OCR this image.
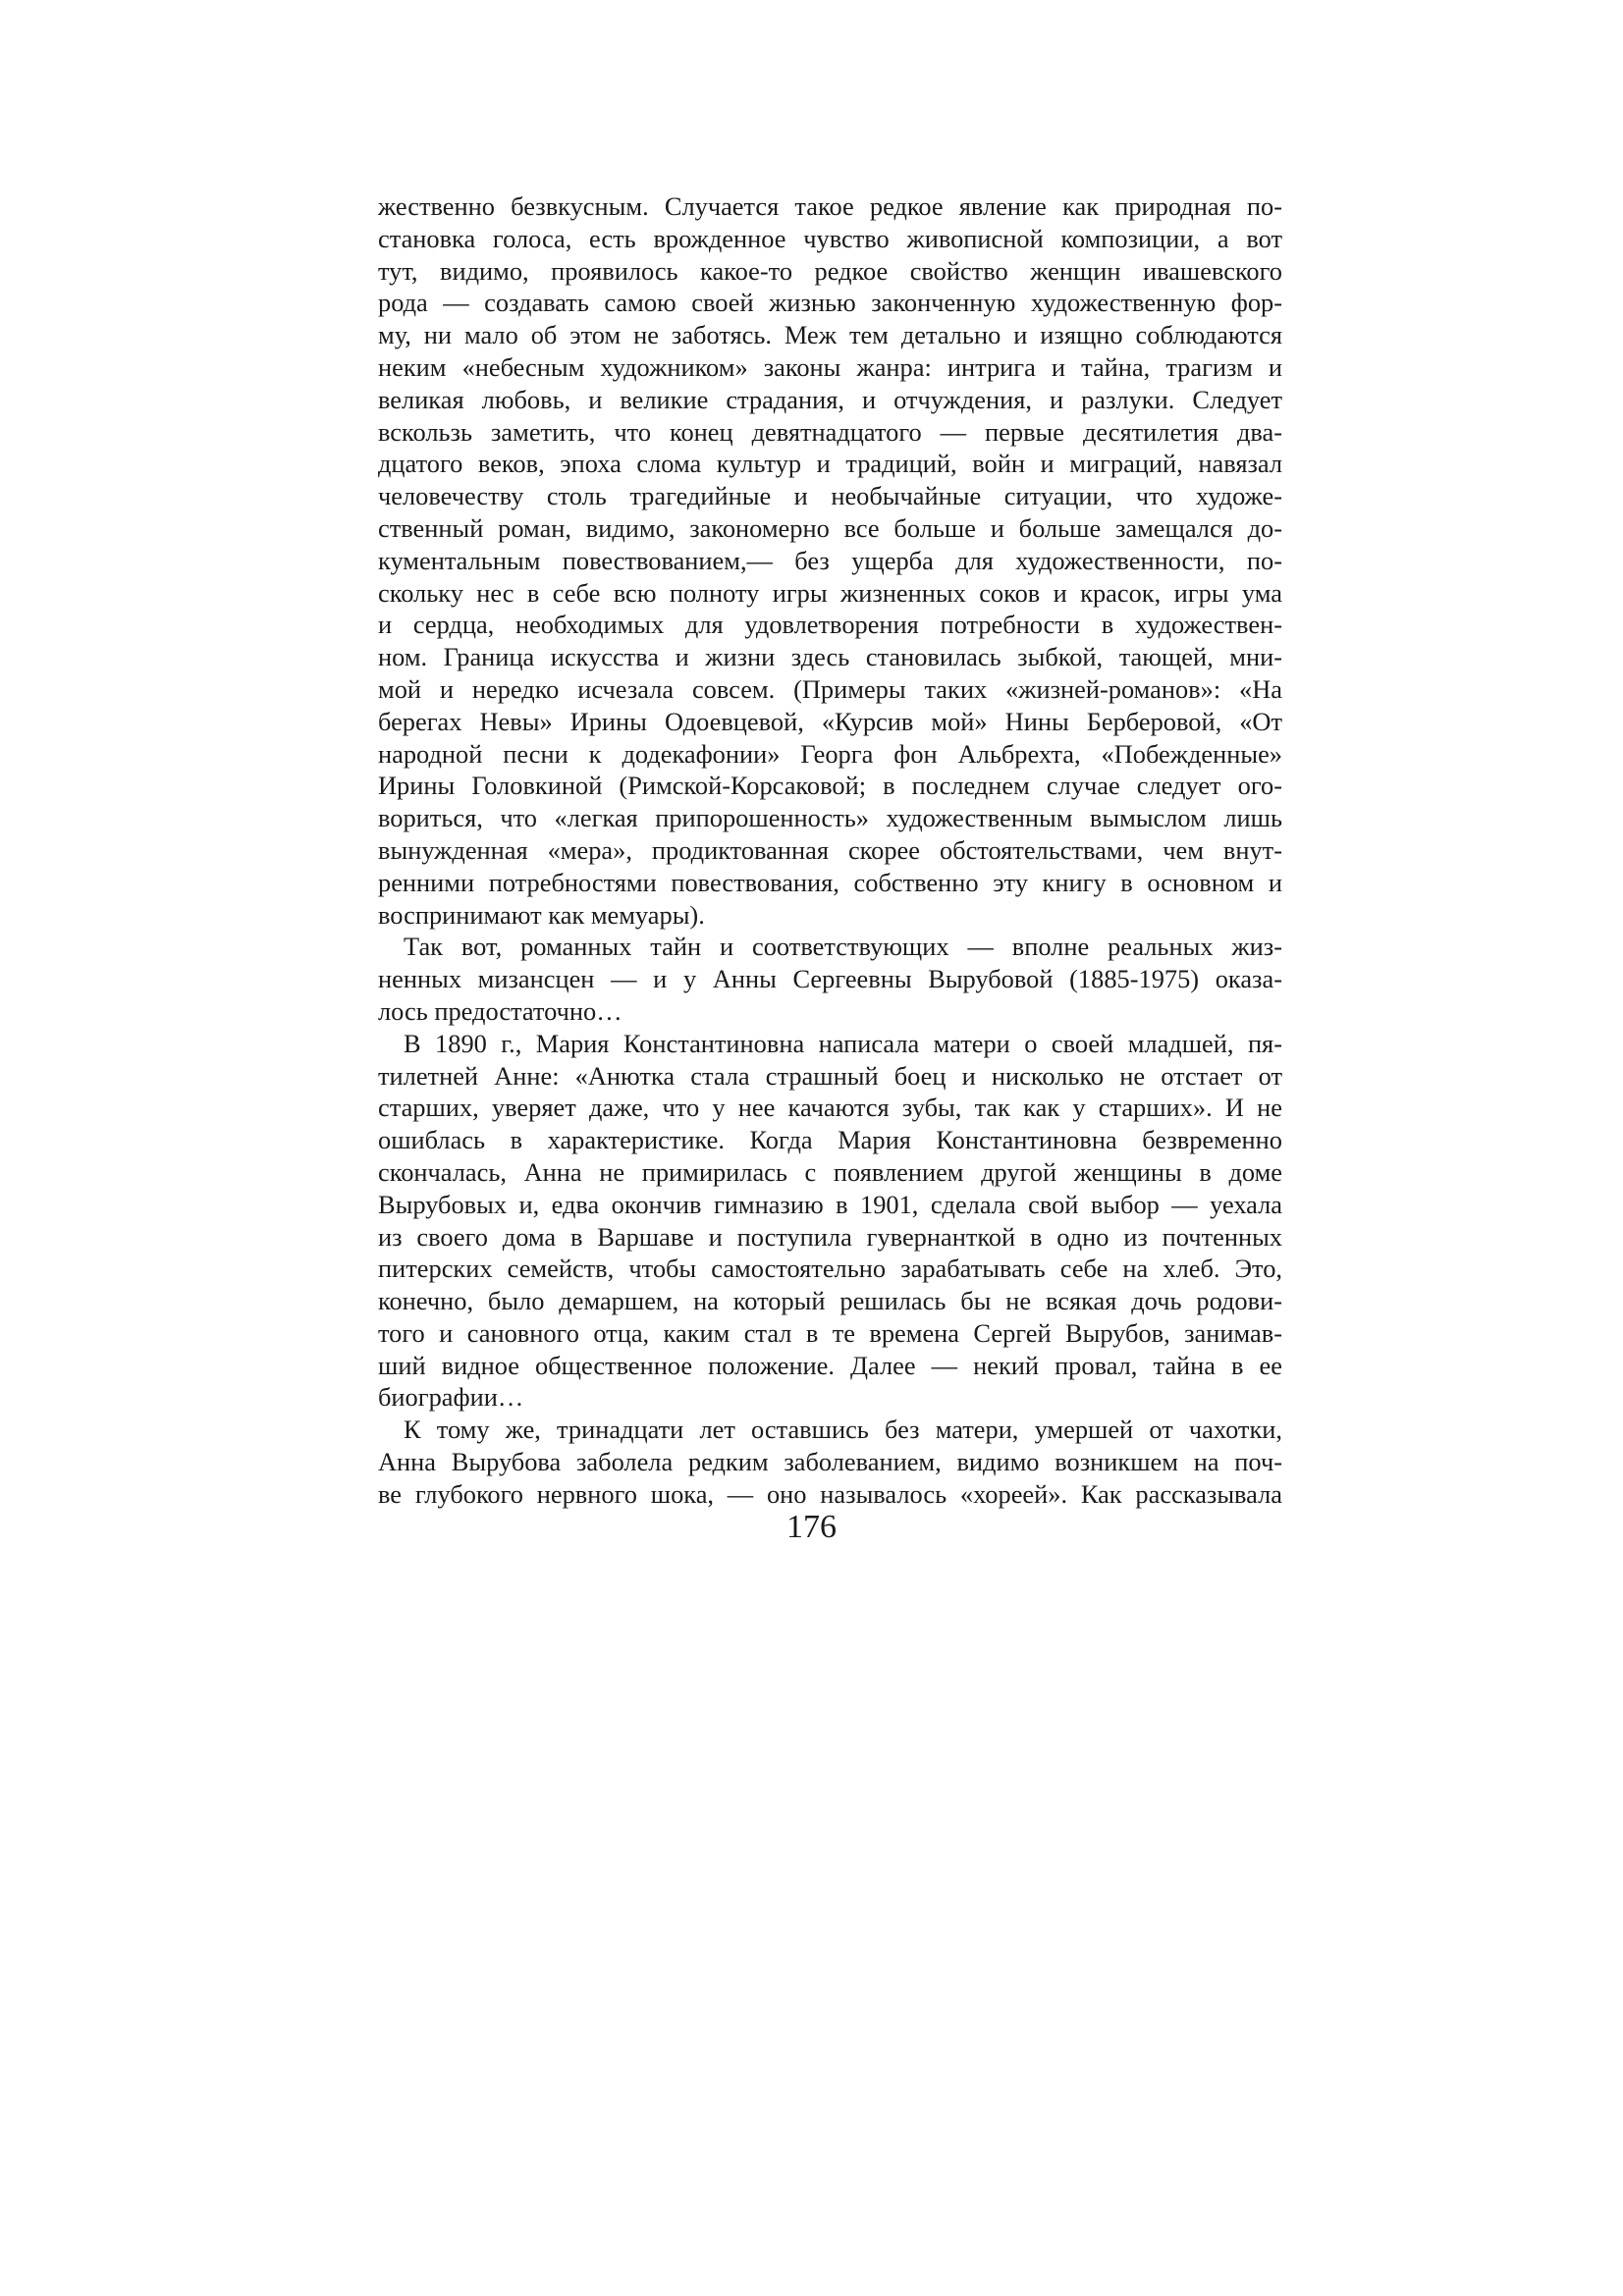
жественно безвкусным. Случается такое редкое явление как природная по-
становка голоса, есть врожденное чувство живописной композиции, а вот
тут, видимо, проявилось какое-то редкое свойство женщин ивашевского
рода — создавать самою своей жизнью законченную художественную фор-
му, ни мало об этом не заботясь. Меж тем детально и изящно соблюдаются
неким «небесным художником» законы жанра: интрига и тайна, трагизм и
великая любовь, и великие страдания, и отчуждения, и разлуки. Следует
вскользь заметить, что конец девятнадцатого — первые десятилетия два-
дцатого веков, эпоха слома культур и традиций, войн и миграций, навязал
человечеству столь трагедийные и необычайные ситуации, что художе-
ственный роман, видимо, закономерно все больше и больше замещался до-
кументальным повествованием,— без ущерба для художественности, по-
скольку нес в себе всю полноту игры жизненных соков и красок, игры ума
и сердца, необходимых для удовлетворения потребности в художествен-
ном. Граница искусства и жизни здесь становилась зыбкой, тающей, мни-
мой и нередко исчезала совсем. (Примеры таких «жизней-романов»: «На
берегах Невы» Ирины Одоевцевой, «Курсив мой» Нины Берберовой, «От
народной песни к додекафонии» Георга фон Альбрехта, «Побежденные»
Ирины Головкиной (Римской-Корсаковой; в последнем случае следует ого-
вориться, что «легкая припорошенность» художественным вымыслом лишь
вынужденная «мера», продиктованная скорее обстоятельствами, чем внут-
ренними потребностями повествования, собственно эту книгу в основном и
воспринимают как мемуары).
Так вот, романных тайн и соответствующих — вполне реальных жиз-
ненных мизансцен — и у Анны Сергеевны Вырубовой (1885-1975) оказа-
лось предостаточно…
В 1890 г., Мария Константиновна написала матери о своей младшей, пя-
тилетней Анне: «Анютка стала страшный боец и нисколько не отстает от
старших, уверяет даже, что у нее качаются зубы, так как у старших». И не
ошиблась в характеристике. Когда Мария Константиновна безвременно
скончалась, Анна не примирилась с появлением другой женщины в доме
Вырубовых и, едва окончив гимназию в 1901, сделала свой выбор — уехала
из своего дома в Варшаве и поступила гувернанткой в одно из почтенных
питерских семейств, чтобы самостоятельно зарабатывать себе на хлеб. Это,
конечно, было демаршем, на который решилась бы не всякая дочь родови-
того и сановного отца, каким стал в те времена Сергей Вырубов, занимав-
ший видное общественное положение. Далее — некий провал, тайна в ее
биографии…
К тому же, тринадцати лет оставшись без матери, умершей от чахотки,
Анна Вырубова заболела редким заболеванием, видимо возникшем на поч-
ве глубокого нервного шока, — оно называлось «хореей». Как рассказывала
176
